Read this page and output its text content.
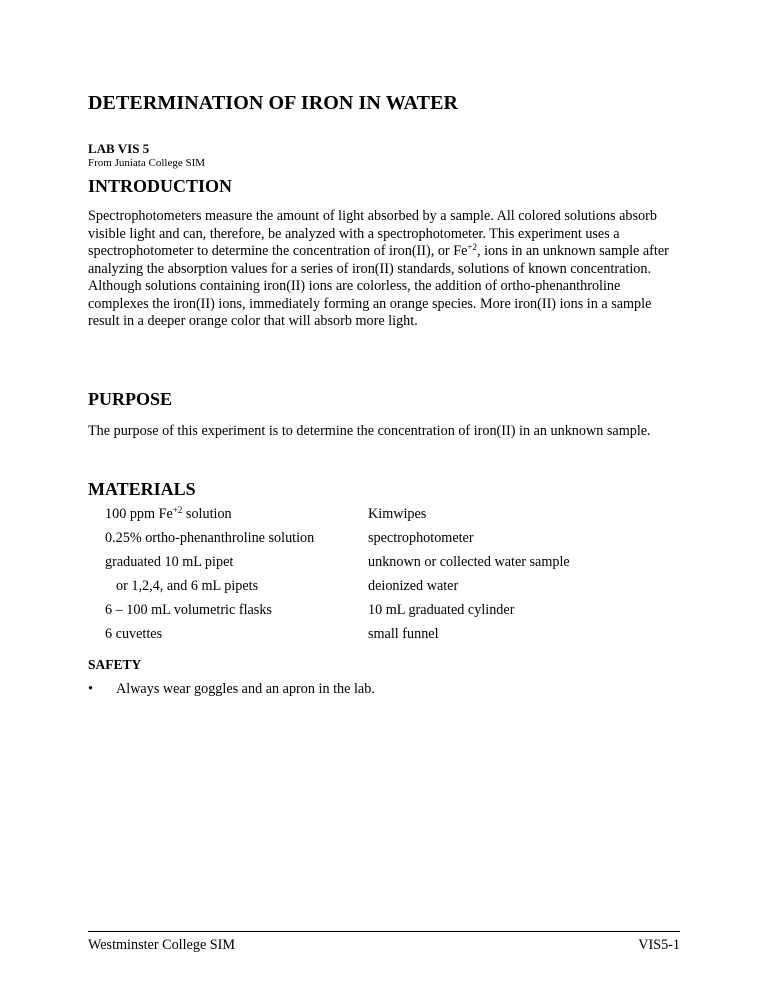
DETERMINATION OF IRON IN WATER
LAB VIS 5
From Juniata College SIM
INTRODUCTION

Spectrophotometers measure the amount of light absorbed by a sample. All colored solutions absorb visible light and can, therefore, be analyzed with a spectrophotometer. This experiment uses a spectrophotometer to determine the concentration of iron(II), or $Fe^{+2}$, ions in an unknown sample after analyzing the absorption values for a series of iron(II) standards, solutions of known concentration. Although solutions containing iron(II) ions are colorless, the addition of ortho-phenanthroline complexes the iron(II) ions, immediately forming an orange species. More iron(II) ions in a sample result in a deeper orange color that will absorb more light.

PURPOSE

The purpose of this experiment is to determine the concentration of iron(II) in an unknown sample.

MATERIALS
100 ppm $Fe^{+2}$ solution
0.25% ortho-phenanthroline solution
graduated 10 mL pipet
or 1,2,4, and 6 mL pipets
6 – 100 mL volumetric flasks
6 cuvettes
Kimwipes
spectrophotometer
unknown or collected water sample
deionized water
10 mL graduated cylinder
small funnel
SAFETY
• Always wear goggles and an apron in the lab.
Westminster College SIM	VIS5-1
